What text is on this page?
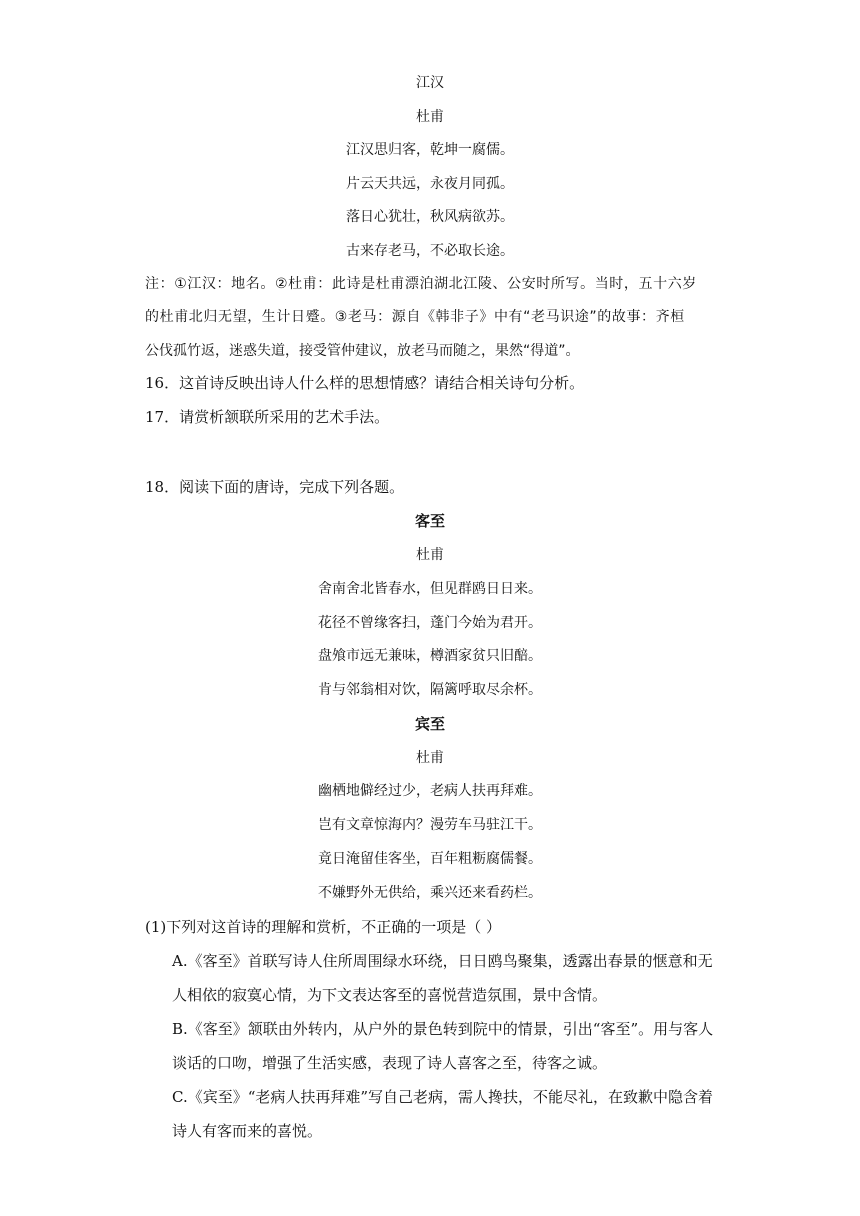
江汉
杜甫
江汉思归客，乾坤一腐儒。
片云天共远，永夜月同孤。
落日心犹壮，秋风病欲苏。
古来存老马，不必取长途。
注：①江汉：地名。②杜甫：此诗是杜甫漂泊湖北江陵、公安时所写。当时，五十六岁
的杜甫北归无望，生计日蹙。③老马：源自《韩非子》中有“老马识途”的故事：齐桓
公伐孤竹返，迷惑失道，接受管仲建议，放老马而随之，果然“得道”。
16．这首诗反映出诗人什么样的思想情感？请结合相关诗句分析。
17．请赏析颔联所采用的艺术手法。
18．阅读下面的唐诗，完成下列各题。
客至
杜甫
舍南舍北皆春水，但见群鸥日日来。
花径不曾缘客扫，蓬门今始为君开。
盘飧市远无兼味，樽酒家贫只旧醅。
肯与邻翁相对饮，隔篱呼取尽余杯。
宾至
杜甫
幽栖地僻经过少，老病人扶再拜难。
岂有文章惊海内？漫劳车马驻江干。
竟日淹留佳客坐，百年粗粝腐儒餐。
不嫌野外无供给，乘兴还来看药栏。
(1)下列对这首诗的理解和赏析，不正确的一项是（ ）
A.《客至》首联写诗人住所周围绿水环绕，日日鸥鸟聚集，透露出春景的惬意和无
人相依的寂寞心情，为下文表达客至的喜悦营造氛围，景中含情。
B.《客至》颔联由外转内，从户外的景色转到院中的情景，引出“客至”。用与客人
谈话的口吻，增强了生活实感，表现了诗人喜客之至，待客之诚。
C.《宾至》“老病人扶再拜难”写自己老病，需人搀扶，不能尽礼，在致歉中隐含着
诗人有客而来的喜悦。
